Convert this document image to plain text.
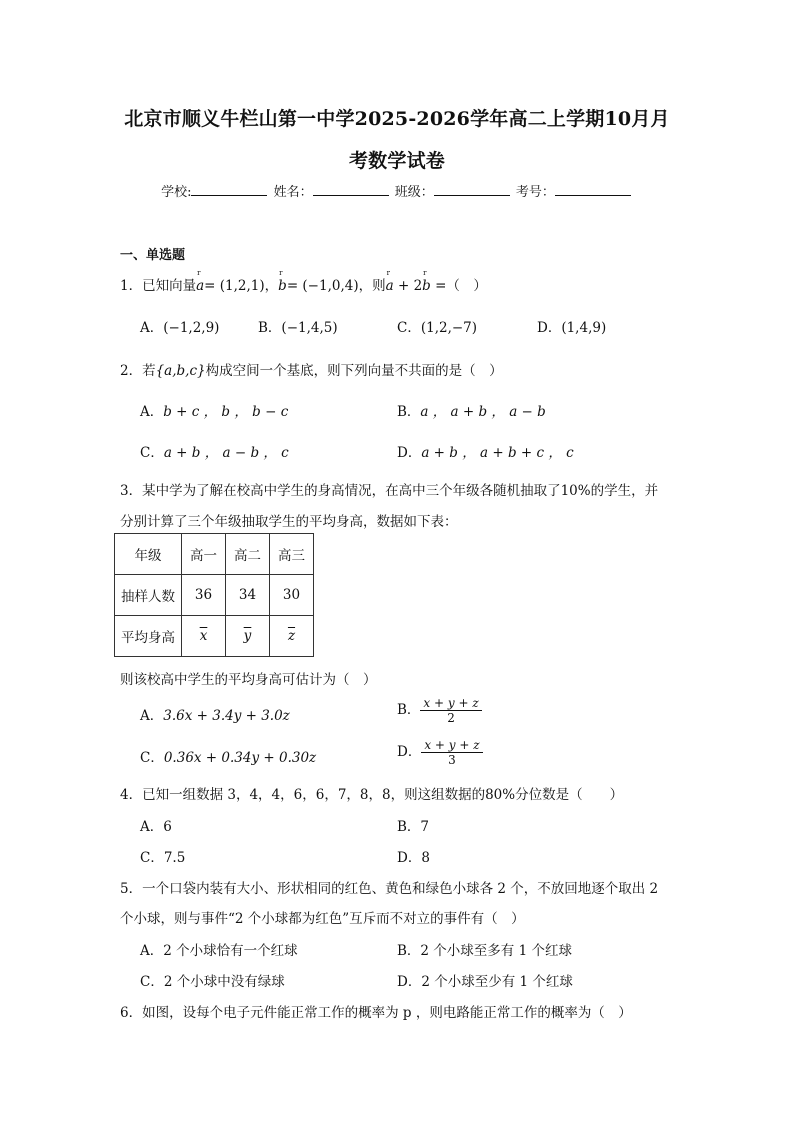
北京市顺义牛栏山第一中学2025-2026学年高二上学期10月月
考数学试卷
学校:	姓名：	班级：	考号：
一、单选题
1．已知向量r a= (1,2,1)，r b= (−1,0,4)，则r a + 2r b =（　）
A．(−1,2,9)	B．(−1,4,5)	C．(1,2,−7)	D．(1,4,9)
2．若{a,b,c}构成空间一个基底，则下列向量不共面的是（　）
A．b + c ， b ， b − c	B．a ， a + b ， a − b
C．a + b ， a − b ， c	D．a + b ， a + b + c ， c
3．某中学为了解在校高中学生的身高情况，在高中三个年级各随机抽取了10%的学生，并
分别计算了三个年级抽取学生的平均身高，数据如下表：
年级	高一	高二	高三
抽样人数	36	34	30
平均身高	$\overline{x}$	$\overline{y}$	$\overline{z}$
则该校高中学生的平均身高可估计为（　）
A．3.6x + 3.4y + 3.0z	B． $\frac{x + y + z}{2}$
C．0.36x + 0.34y + 0.30z	D． $\frac{x + y + z}{3}$
4．已知一组数据 3，4，4，6，6，7，8，8，则这组数据的80%分位数是（　　）
A．6	B．7
C．7.5	D．8
5．一个口袋内装有大小、形状相同的红色、黄色和绿色小球各 2 个，不放回地逐个取出 2
个小球，则与事件“2 个小球都为红色”互斥而不对立的事件有（　）
A．2 个小球恰有一个红球	B．2 个小球至多有 1 个红球
C．2 个小球中没有绿球	D．2 个小球至少有 1 个红球
6．如图，设每个电子元件能正常工作的概率为 p ，则电路能正常工作的概率为（　）
